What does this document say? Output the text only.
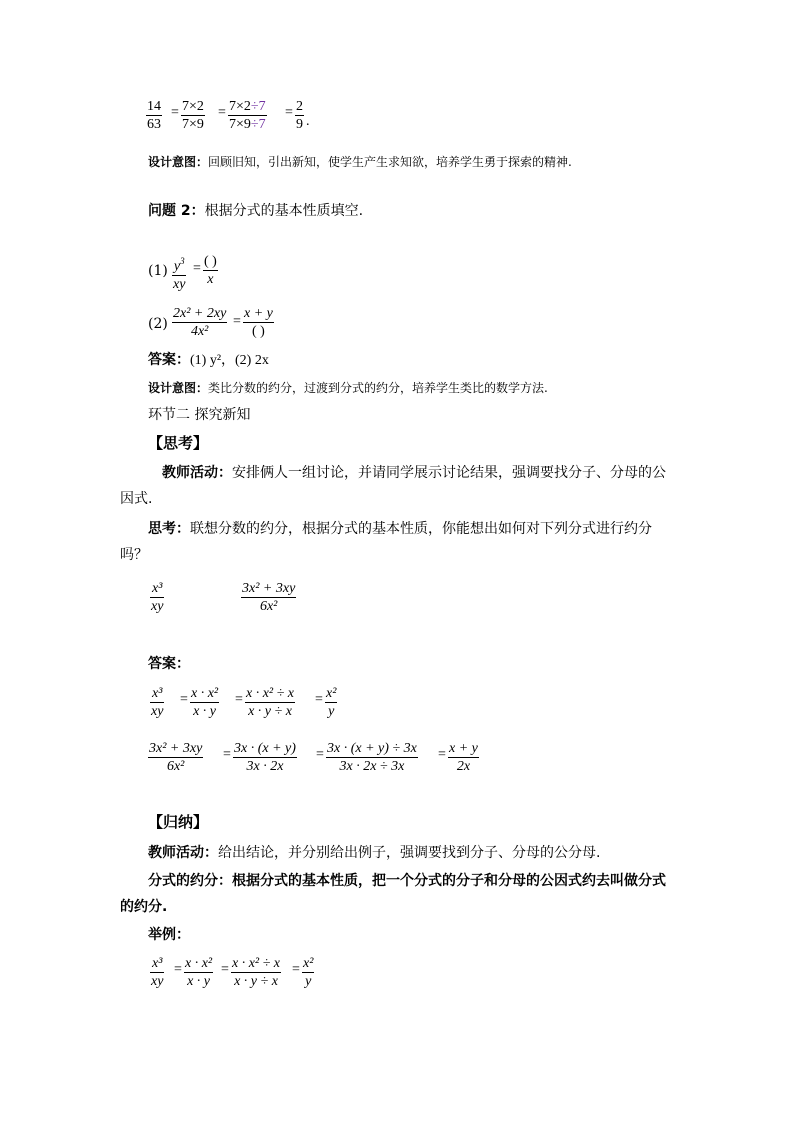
14
63
= 7×2
7×9
= 7×2÷7
7×9÷7
= 2
9 .
设计意图：回顾旧知，引出新知，使学生产生求知欲，培养学生勇于探索的精神.
问题 2：根据分式的基本性质填空.
(1) $y^3$
xy
= ( )
x
(2)
2x² + 2xy
4x²
=
x + y
( )
答案：(1) y²，(2) 2x
设计意图：类比分数的约分，过渡到分式的约分，培养学生类比的数学方法.
环节二 探究新知
【思考】
教师活动：安排俩人一组讨论，并请同学展示讨论结果，强调要找分子、分母的公
因式.
思考：联想分数的约分，根据分式的基本性质，你能想出如何对下列分式进行约分
吗？
x³
xy
3x² + 3xy
6x²
答案：
x³
xy
= x · x²
x · y
= x · x² ÷ x
x · y ÷ x
= x²
y
3x² + 3xy
6x²
= 3x · (x + y)
3x · 2x
= 3x · (x + y) ÷ 3x
3x · 2x ÷ 3x
= x + y
2x
【归纳】
教师活动：给出结论，并分别给出例子，强调要找到分子、分母的公分母.
分式的约分：根据分式的基本性质，把一个分式的分子和分母的公因式约去叫做分式
的约分.
举例：
x³
xy
= x · x²
x · y
= x · x² ÷ x
x · y ÷ x
= x²
y
